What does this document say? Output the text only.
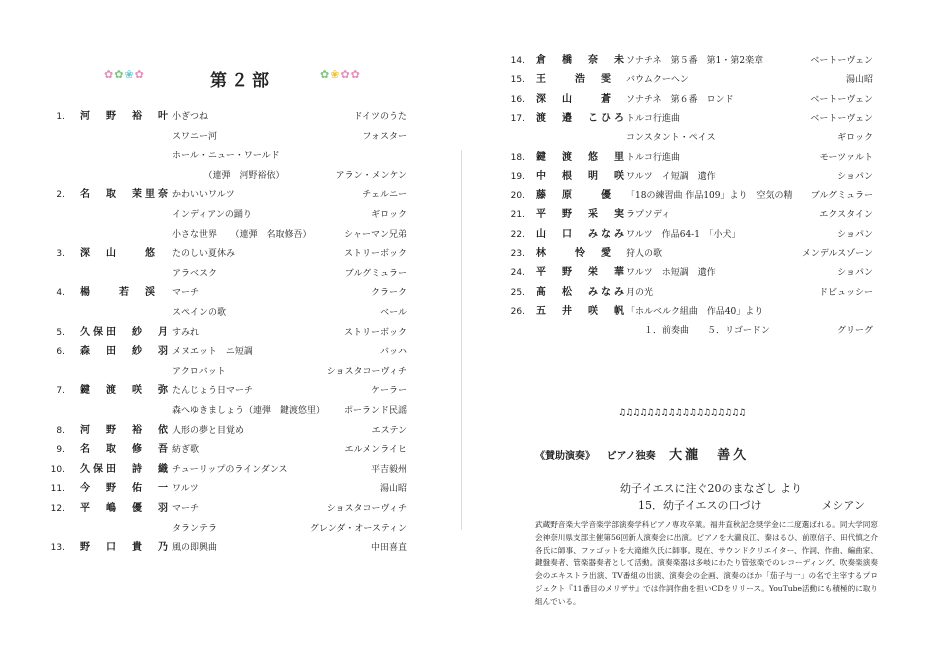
✿✿❀✿	第２部	✿❀✿✿
1. 河　野　裕　叶 小ぎつね	ドイツのうた
スワニー河	フォスター
ホール・ニュー・ワールド
　　　　（連弾　河野裕依）	アラン・メンケン
2. 名　取　茉里奈 かわいいワルツ	チェルニー
インディアンの踊り	ギロック
小さな世界　　（連弾　名取修吾）	シャーマン兄弟
3. 深　山　　悠 たのしい夏休み	ストリーボック
アラベスク	ブルグミュラー
4. 楊　　若　渓 マーチ	クラーク
スペインの歌	ベール
5. 久保田　紗　月 すみれ	ストリーボック
6. 森　田　紗　羽 メヌエット　ニ短調	バッハ
アクロバット	ショスタコーヴィチ
7. 鍵　渡　咲　弥 たんじょう日マーチ	ケーラー
森へゆきましょう（連弾　鍵渡悠里） ポーランド民謡
8. 河　野　裕　依 人形の夢と目覚め	エステン
9. 名　取　修　吾 紡ぎ歌	エルメンライヒ
10. 久保田　詩　織 チューリップのラインダンス	平吉毅州
11. 今　野　佑　一 ワルツ	湯山昭
12. 平　嶋　優　羽 マーチ	ショスタコーヴィチ
タランテラ	グレンダ・オースティン
13. 野　口　貴　乃 風の即興曲	中田喜直
14. 倉　橋　奈　未 ソナチネ　第５番　第1・第2楽章	ベートーヴェン
15. 王　　浩　雯 バウムクーヘン	湯山昭
16. 深　山　　蒼 ソナチネ　第６番　ロンド	ベートーヴェン
17. 渡　邉　こひろ トルコ行進曲	ベートーヴェン
コンスタント・ペイス	ギロック
18. 鍵　渡　悠　里 トルコ行進曲	モーツァルト
19. 中　根　明　咲 ワルツ　イ短調　遺作	ショパン
20. 藤　原　　優 「18の練習曲 作品109」より　空気の精 ブルグミュラー
21. 平　野　采　実 ラプソディ	エクスタイン
22. 山　口　みなみ ワルツ　作品64-1　「小犬」	ショパン
23. 林　　怜　愛 狩人の歌	メンデルスゾーン
24. 平　野　栄　華 ワルツ　ホ短調　遺作	ショパン
25. 髙　松　みなみ 月の光	ドビュッシー
26. 五　井　咲　帆 「ホルベルク組曲　作品40」より
　　１．前奏曲　　５．リゴードン	グリーグ
♫♫♫♫♫♫♫♫♫♫♫♫♫♫♫♫♫♫
《賛助演奏》 ピアノ独奏 大瀧　善久
幼子イエスに注ぐ20のまなざし より
15．幼子イエスの口づけ	メシアン
武蔵野音楽大学音楽学部演奏学科ピアノ専攻卒業。福井直秋記念奨学金に二度選ばれる。同大学同窓会神奈川県支部主催第56回新人演奏会に出演。ピアノを大瀧良江、秦はるひ、前原信子、田代慎之介各氏に師事、ファゴットを大滝維久氏に師事。現在、サウンドクリエイター、作詞、作曲、編曲家、鍵盤奏者、管楽器奏者として活動。演奏楽器は多岐にわたり管弦楽でのレコーディング、吹奏楽演奏会のエキストラ出演、TV番組の出演、演奏会の企画、演奏のほか「茄子与一」の名で主宰するプロジェクト『11番目のメリザサ』では作詞作曲を担いCDをリリース。YouTube活動にも積極的に取り組んでいる。
